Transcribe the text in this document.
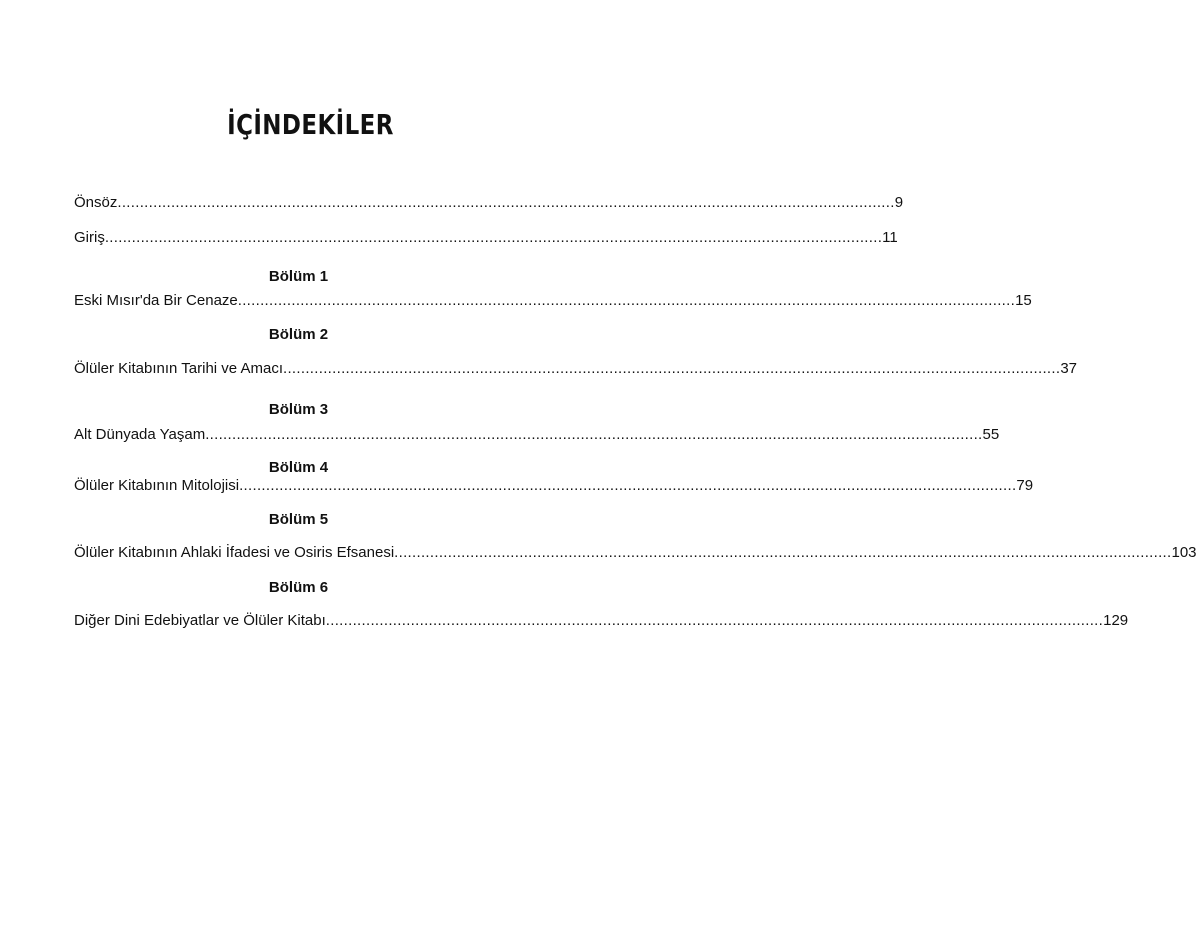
İÇİNDEKİLER
Önsöz .............................................................................................................................................................................. 9
Giriş .............................................................................................................................................................................. 11
Bölüm 1
Eski Mısır'da Bir Cenaze .............................................................................................................................................................................. 15
Bölüm 2
Ölüler Kitabının Tarihi ve Amacı .............................................................................................................................................................................. 37
Bölüm 3
Alt Dünyada Yaşam .............................................................................................................................................................................. 55
Bölüm 4
Ölüler Kitabının Mitolojisi .............................................................................................................................................................................. 79
Bölüm 5
Ölüler Kitabının Ahlaki İfadesi ve Osiris Efsanesi .............................................................................................................................................................................. 103
Bölüm 6
Diğer Dini Edebiyatlar ve Ölüler Kitabı .............................................................................................................................................................................. 129
